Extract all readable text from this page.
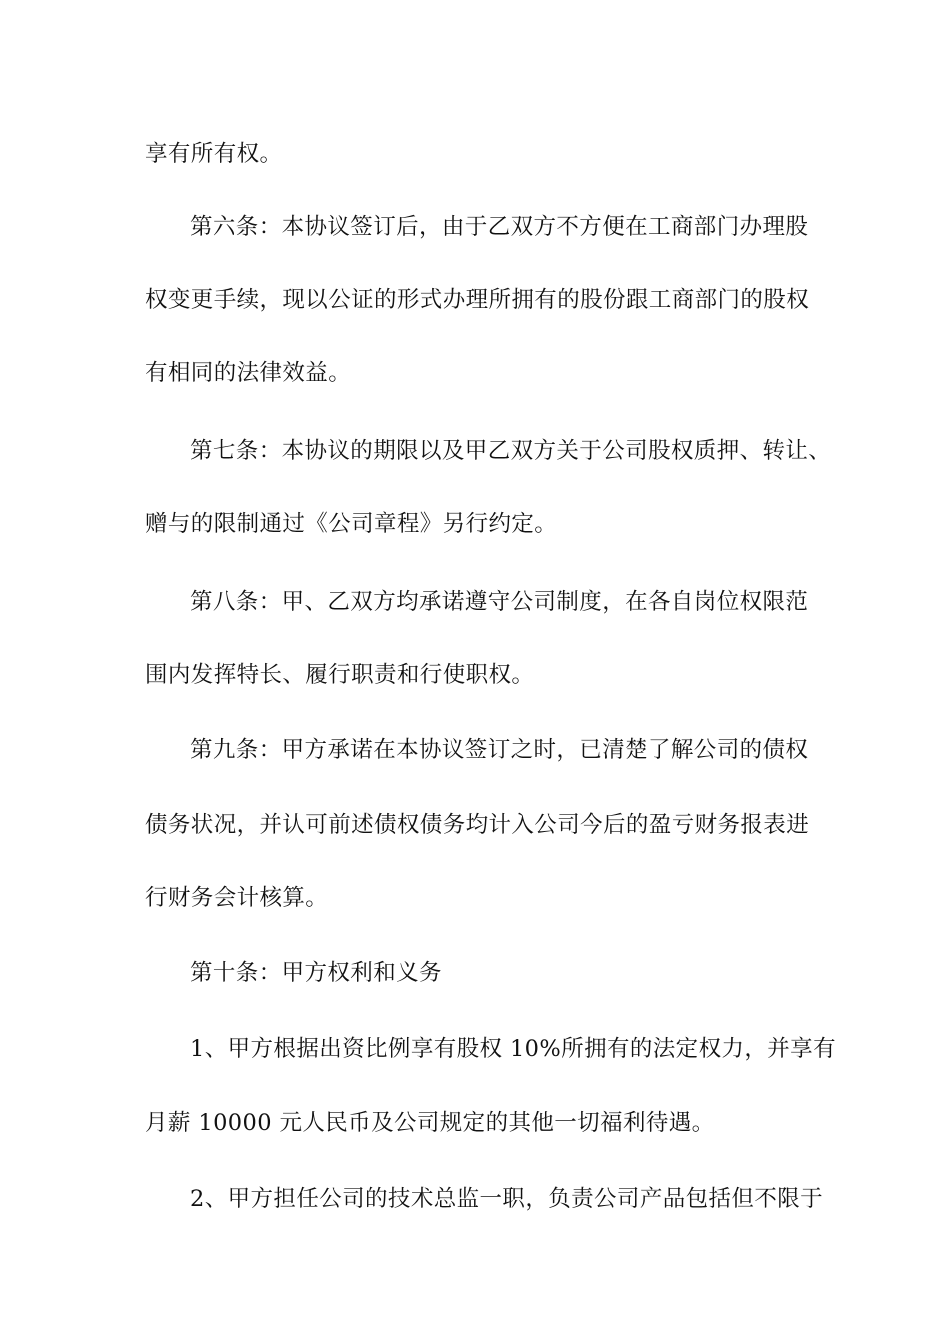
享有所有权。
第六条：本协议签订后，由于乙双方不方便在工商部门办理股
权变更手续，现以公证的形式办理所拥有的股份跟工商部门的股权
有相同的法律效益。
第七条：本协议的期限以及甲乙双方关于公司股权质押、转让、
赠与的限制通过《公司章程》另行约定。
第八条：甲、乙双方均承诺遵守公司制度，在各自岗位权限范
围内发挥特长、履行职责和行使职权。
第九条：甲方承诺在本协议签订之时，已清楚了解公司的债权
债务状况，并认可前述债权债务均计入公司今后的盈亏财务报表进
行财务会计核算。
第十条：甲方权利和义务
1、甲方根据出资比例享有股权 10%所拥有的法定权力，并享有
月薪 10000 元人民币及公司规定的其他一切福利待遇。
2、甲方担任公司的技术总监一职，负责公司产品包括但不限于
